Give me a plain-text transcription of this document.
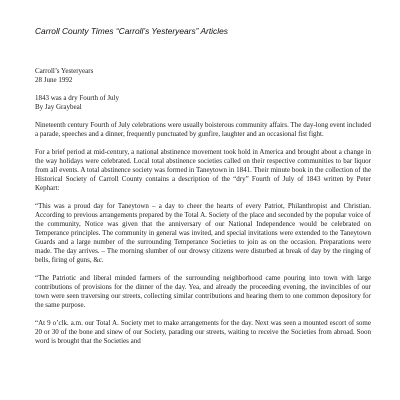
Carroll County Times “Carroll’s Yesteryears” Articles

Carroll’s Yesteryears
28 June 1992

1843 was a dry Fourth of July
By Jay Graybeal

Nineteenth century Fourth of July celebrations were usually boisterous community affairs. The day-long event included a parade, speeches and a dinner, frequently punctuated by gunfire, laughter and an occasional fist fight.

For a brief period at mid-century, a national abstinence movement took hold in America and brought about a change in the way holidays were celebrated. Local total abstinence societies called on their respective communities to bar liquor from all events. A total abstinence society was formed in Taneytown in 1841. Their minute book in the collection of the Historical Society of Carroll County contains a description of the “dry” Fourth of July of 1843 written by Peter Kephart:

“This was a proud day for Taneytown – a day to cheer the hearts of every Patriot, Philanthropist and Christian. According to previous arrangements prepared by the Total A. Society of the place and seconded by the popular voice of the community, Notice was given that the anniversary of our National Independence would be celebrated on Temperance principles. The community in general was invited, and special invitations were extended to the Taneytown Guards and a large number of the surrounding Temperance Societies to join as on the occasion. Preparations were made. The day arrives. – The morning slumber of our drowsy citizens were disturbed at break of day by the ringing of bells, firing of guns, &c.

“The Patriotic and liberal minded farmers of the surrounding neighborhood came pouring into town with large contributions of provisions for the dinner of the day. Yea, and already the proceeding evening, the invincibles of our town were seen traversing our streets, collecting similar contributions and hearing them to one common depository for the same purpose.

“At 9 o’clk. a.m. our Total A. Society met to make arrangements for the day. Next was seen a mounted escort of some 20 or 30 of the bone and sinew of our Society, parading our streets, waiting to receive the Societies from abroad. Soon word is brought that the Societies and
